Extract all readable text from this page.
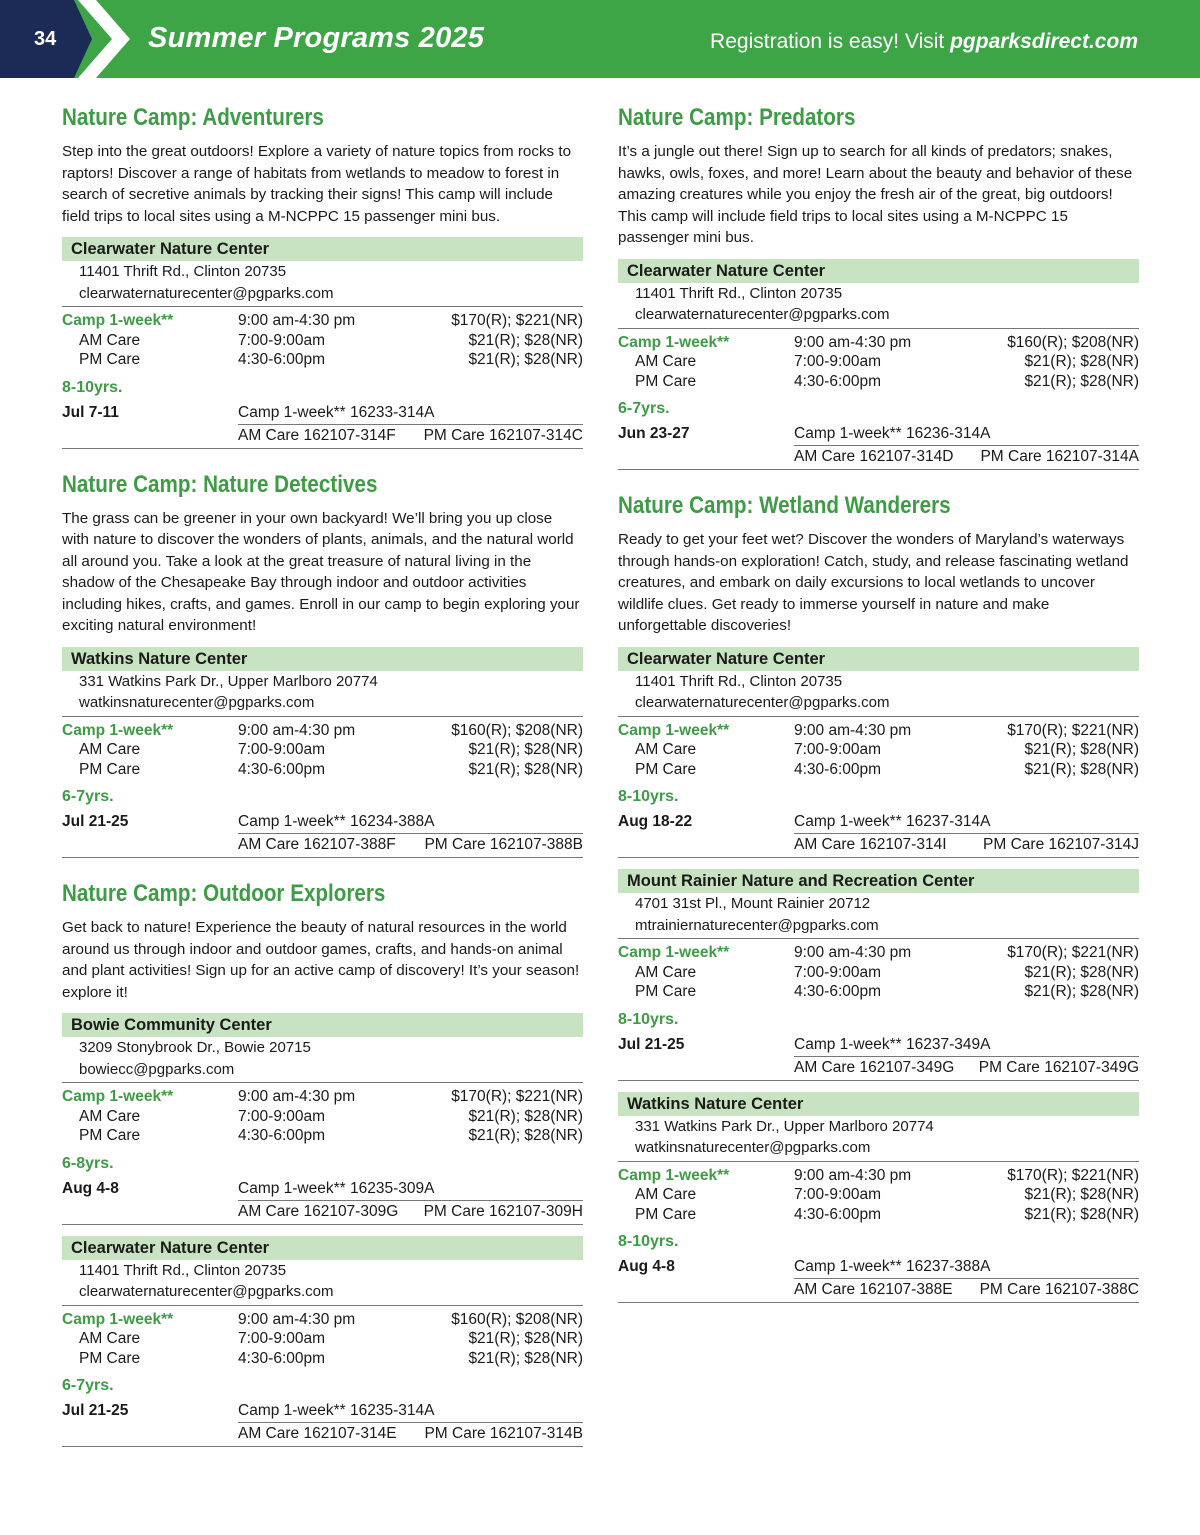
34	Summer Programs 2025	Registration is easy! Visit pgparksdirect.com
Nature Camp: Adventurers
Step into the great outdoors! Explore a variety of nature topics from rocks to raptors! Discover a range of habitats from wetlands to meadow to forest in search of secretive animals by tracking their signs! This camp will include field trips to local sites using a M-NCPPC 15 passenger mini bus.
Clearwater Nature Center
11401 Thrift Rd., Clinton 20735
clearwaternaturecenter@pgparks.com
Camp 1-week**	9:00 am-4:30 pm	$170(R); $221(NR)
AM Care	7:00-9:00am	$21(R); $28(NR)
PM Care	4:30-6:00pm	$21(R); $28(NR)
8-10yrs.
Jul 7-11	Camp 1-week** 16233-314A
AM Care 162107-314F	PM Care 162107-314C
Nature Camp: Nature Detectives
The grass can be greener in your own backyard! We’ll bring you up close with nature to discover the wonders of plants, animals, and the natural world all around you. Take a look at the great treasure of natural living in the shadow of the Chesapeake Bay through indoor and outdoor activities including hikes, crafts, and games. Enroll in our camp to begin exploring your exciting natural environment!
Watkins Nature Center
331 Watkins Park Dr., Upper Marlboro 20774
watkinsnaturecenter@pgparks.com
Camp 1-week**	9:00 am-4:30 pm	$160(R); $208(NR)
AM Care	7:00-9:00am	$21(R); $28(NR)
PM Care	4:30-6:00pm	$21(R); $28(NR)
6-7yrs.
Jul 21-25	Camp 1-week** 16234-388A
AM Care 162107-388F	PM Care 162107-388B
Nature Camp: Outdoor Explorers
Get back to nature! Experience the beauty of natural resources in the world around us through indoor and outdoor games, crafts, and hands-on animal and plant activities! Sign up for an active camp of discovery! It’s your season! explore it!
Bowie Community Center
3209 Stonybrook Dr., Bowie 20715
bowiecc@pgparks.com
Camp 1-week**	9:00 am-4:30 pm	$170(R); $221(NR)
AM Care	7:00-9:00am	$21(R); $28(NR)
PM Care	4:30-6:00pm	$21(R); $28(NR)
6-8yrs.
Aug 4-8	Camp 1-week** 16235-309A
AM Care 162107-309G	PM Care 162107-309H
Clearwater Nature Center
11401 Thrift Rd., Clinton 20735
clearwaternaturecenter@pgparks.com
Camp 1-week**	9:00 am-4:30 pm	$160(R); $208(NR)
AM Care	7:00-9:00am	$21(R); $28(NR)
PM Care	4:30-6:00pm	$21(R); $28(NR)
6-7yrs.
Jul 21-25	Camp 1-week** 16235-314A
AM Care 162107-314E	PM Care 162107-314B
Nature Camp: Predators
It’s a jungle out there! Sign up to search for all kinds of predators; snakes, hawks, owls, foxes, and more! Learn about the beauty and behavior of these amazing creatures while you enjoy the fresh air of the great, big outdoors! This camp will include field trips to local sites using a M-NCPPC 15 passenger mini bus.
Clearwater Nature Center
11401 Thrift Rd., Clinton 20735
clearwaternaturecenter@pgparks.com
Camp 1-week**	9:00 am-4:30 pm	$160(R); $208(NR)
AM Care	7:00-9:00am	$21(R); $28(NR)
PM Care	4:30-6:00pm	$21(R); $28(NR)
6-7yrs.
Jun 23-27	Camp 1-week** 16236-314A
AM Care 162107-314D	PM Care 162107-314A
Nature Camp: Wetland Wanderers
Ready to get your feet wet? Discover the wonders of Maryland’s waterways through hands-on exploration! Catch, study, and release fascinating wetland creatures, and embark on daily excursions to local wetlands to uncover wildlife clues. Get ready to immerse yourself in nature and make unforgettable discoveries!
Clearwater Nature Center
11401 Thrift Rd., Clinton 20735
clearwaternaturecenter@pgparks.com
Camp 1-week**	9:00 am-4:30 pm	$170(R); $221(NR)
AM Care	7:00-9:00am	$21(R); $28(NR)
PM Care	4:30-6:00pm	$21(R); $28(NR)
8-10yrs.
Aug 18-22	Camp 1-week** 16237-314A
AM Care 162107-314I	PM Care 162107-314J
Mount Rainier Nature and Recreation Center
4701 31st Pl., Mount Rainier 20712
mtrainiernaturecenter@pgparks.com
Camp 1-week**	9:00 am-4:30 pm	$170(R); $221(NR)
AM Care	7:00-9:00am	$21(R); $28(NR)
PM Care	4:30-6:00pm	$21(R); $28(NR)
8-10yrs.
Jul 21-25	Camp 1-week** 16237-349A
AM Care 162107-349G	PM Care 162107-349G
Watkins Nature Center
331 Watkins Park Dr., Upper Marlboro 20774
watkinsnaturecenter@pgparks.com
Camp 1-week**	9:00 am-4:30 pm	$170(R); $221(NR)
AM Care	7:00-9:00am	$21(R); $28(NR)
PM Care	4:30-6:00pm	$21(R); $28(NR)
8-10yrs.
Aug 4-8	Camp 1-week** 16237-388A
AM Care 162107-388E	PM Care 162107-388C
